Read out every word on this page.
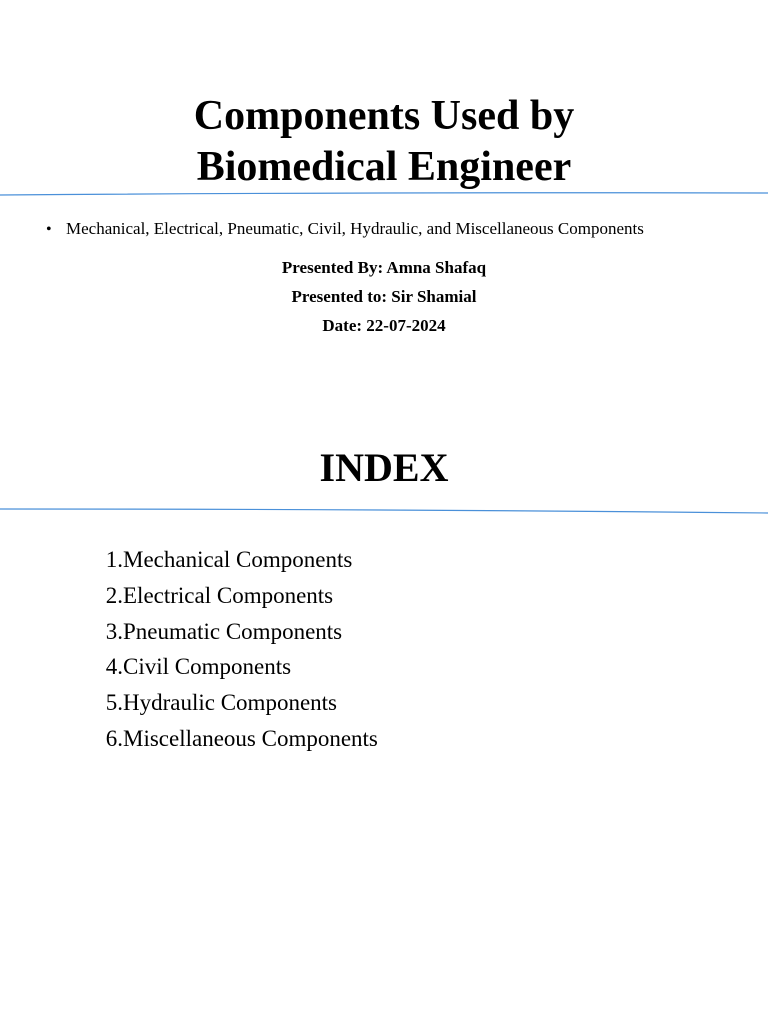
Components Used by
Biomedical Engineer
• Mechanical, Electrical, Pneumatic, Civil, Hydraulic, and Miscellaneous Components

Presented By: Amna Shafaq

Presented to: Sir Shamial

Date: 22-07-2024

INDEX
1. Mechanical Components
2. Electrical Components
3. Pneumatic Components
4. Civil Components
5. Hydraulic Components
6. Miscellaneous Components
